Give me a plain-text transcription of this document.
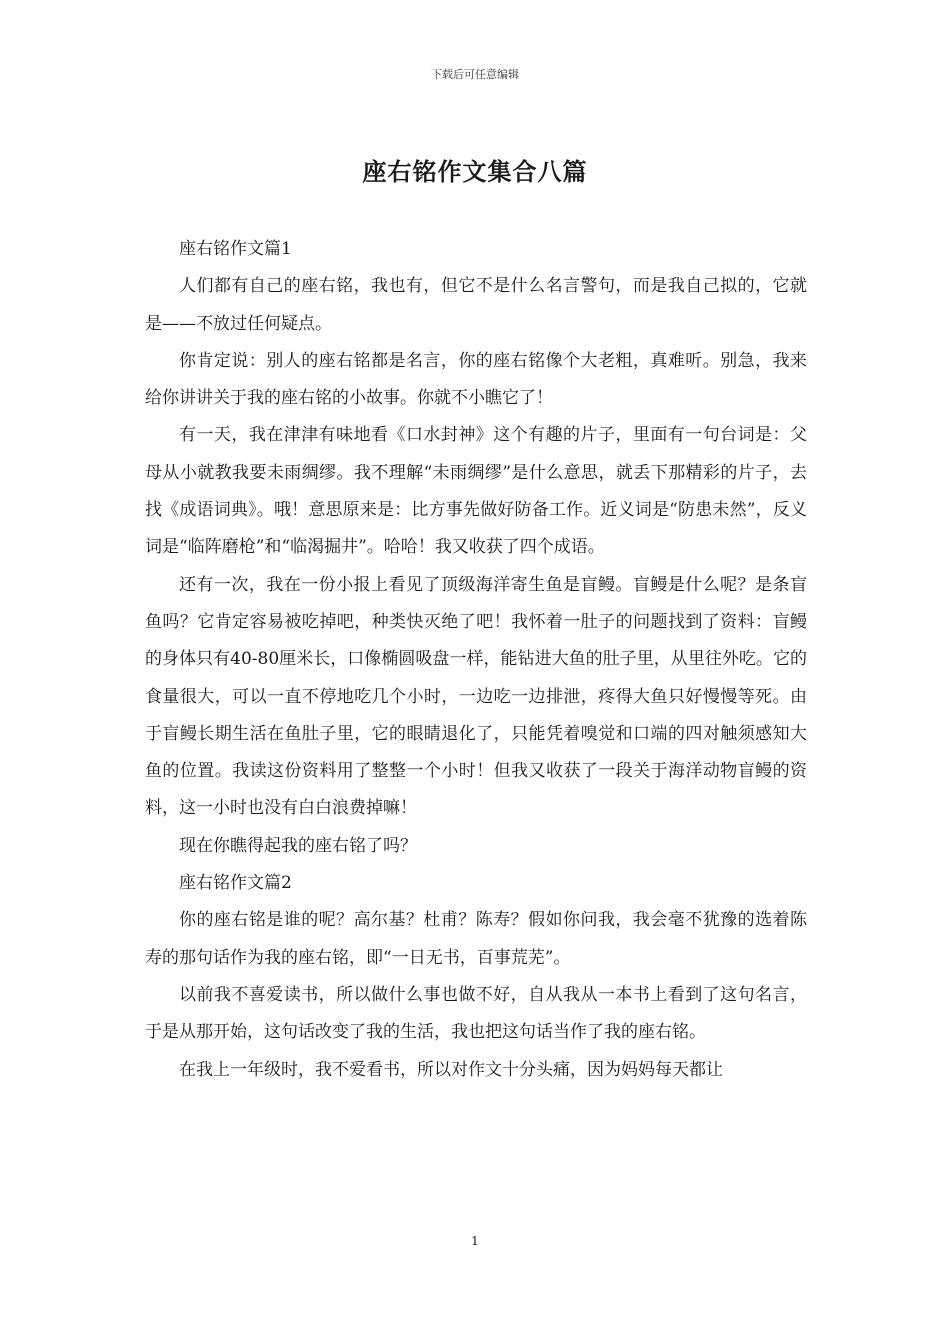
下载后可任意编辑
座右铭作文集合八篇

座右铭作文篇1

人们都有自己的座右铭，我也有，但它不是什么名言警句，而是我自己拟的，它就是——不放过任何疑点。

你肯定说：别人的座右铭都是名言，你的座右铭像个大老粗，真难听。别急，我来给你讲讲关于我的座右铭的小故事。你就不小瞧它了！

有一天，我在津津有味地看《口水封神》这个有趣的片子，里面有一句台词是：父母从小就教我要未雨绸缪。我不理解“未雨绸缪”是什么意思，就丢下那精彩的片子，去找《成语词典》。哦！意思原来是：比方事先做好防备工作。近义词是“防患未然”，反义词是“临阵磨枪”和“临渴掘井”。哈哈！我又收获了四个成语。

还有一次，我在一份小报上看见了顶级海洋寄生鱼是盲鳗。盲鳗是什么呢？是条盲鱼吗？它肯定容易被吃掉吧，种类快灭绝了吧！我怀着一肚子的问题找到了资料：盲鳗的身体只有40-80厘米长，口像椭圆吸盘一样，能钻进大鱼的肚子里，从里往外吃。它的食量很大，可以一直不停地吃几个小时，一边吃一边排泄，疼得大鱼只好慢慢等死。由于盲鳗长期生活在鱼肚子里，它的眼睛退化了，只能凭着嗅觉和口端的四对触须感知大鱼的位置。我读这份资料用了整整一个小时！但我又收获了一段关于海洋动物盲鳗的资料，这一小时也没有白白浪费掉嘛！

现在你瞧得起我的座右铭了吗？

座右铭作文篇2

你的座右铭是谁的呢？高尔基？杜甫？陈寿？假如你问我，我会毫不犹豫的选着陈寿的那句话作为我的座右铭，即“一日无书，百事荒芜”。

以前我不喜爱读书，所以做什么事也做不好，自从我从一本书上看到了这句名言，于是从那开始，这句话改变了我的生活，我也把这句话当作了我的座右铭。

在我上一年级时，我不爱看书，所以对作文十分头痛，因为妈妈每天都让

1
